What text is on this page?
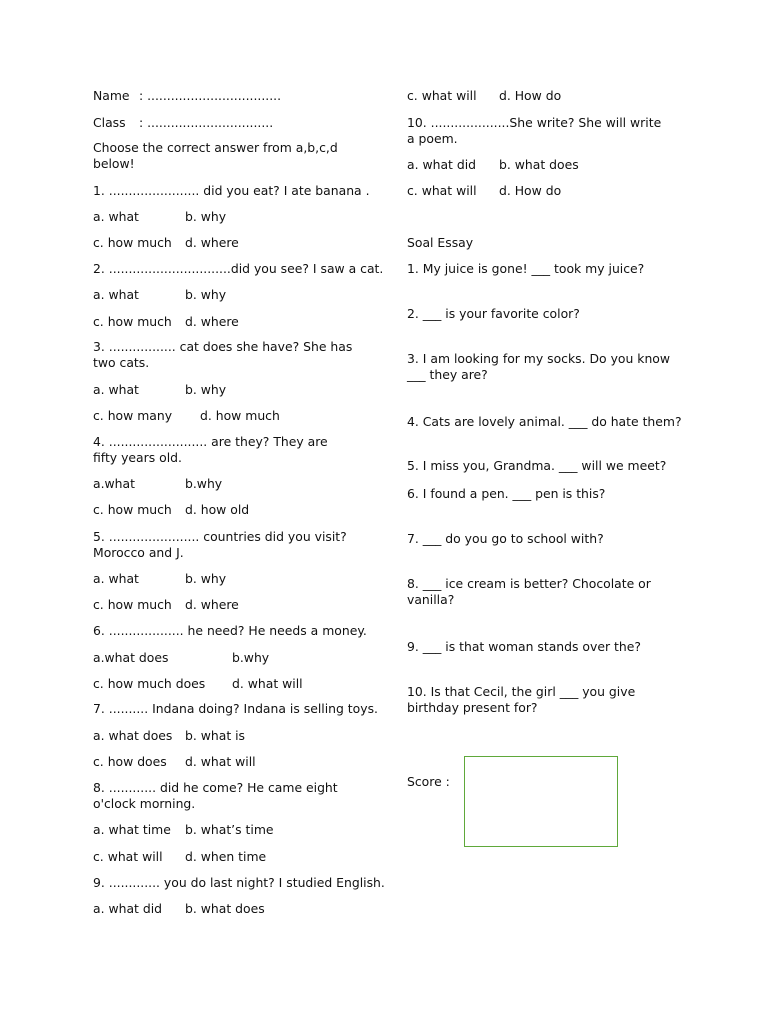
Name : ..................................
Class : ................................
Choose the correct answer from a,b,c,d below!
1. ....................... did you eat? I ate banana .
a. what	b. why
c. how much d. where
2. ...............................did you see? I saw a cat.
a. what	b. why
c. how much d. where
3. ................. cat does she have? She has two cats.
a. what	b. why
c. how many d. how much
4. ......................... are they? They are fifty years old.
a.what	b.why
c. how much d. how old
5. ....................... countries did you visit? Morocco and J.
a. what	b. why
c. how much d. where
6. ................... he need? He needs a money.
a.what does	b.why
c. how much does d. what will
7. .......... Indana doing? Indana is selling toys.
a. what does b. what is
c. how does d. what will
8. ............ did he come? He came eight o'clock morning.
a. what time b. what’s time
c. what will d. when time
9. ............. you do last night? I studied English.
a. what did b. what does
c. what will d. How do
10. ....................She write? She will write a poem.
a. what did b. what does
c. what will d. How do
Soal Essay
1. My juice is gone! ___ took my juice?
2. ___ is your favorite color?
3. I am looking for my socks. Do you know ___ they are?
4. Cats are lovely animal. ___ do hate them?
5. I miss you, Grandma. ___ will we meet?
6. I found a pen. ___ pen is this?
7. ___ do you go to school with?
8. ___ ice cream is better? Chocolate or vanilla?
9. ___ is that woman stands over the?
10. Is that Cecil, the girl ___ you give birthday present for?
Score :
